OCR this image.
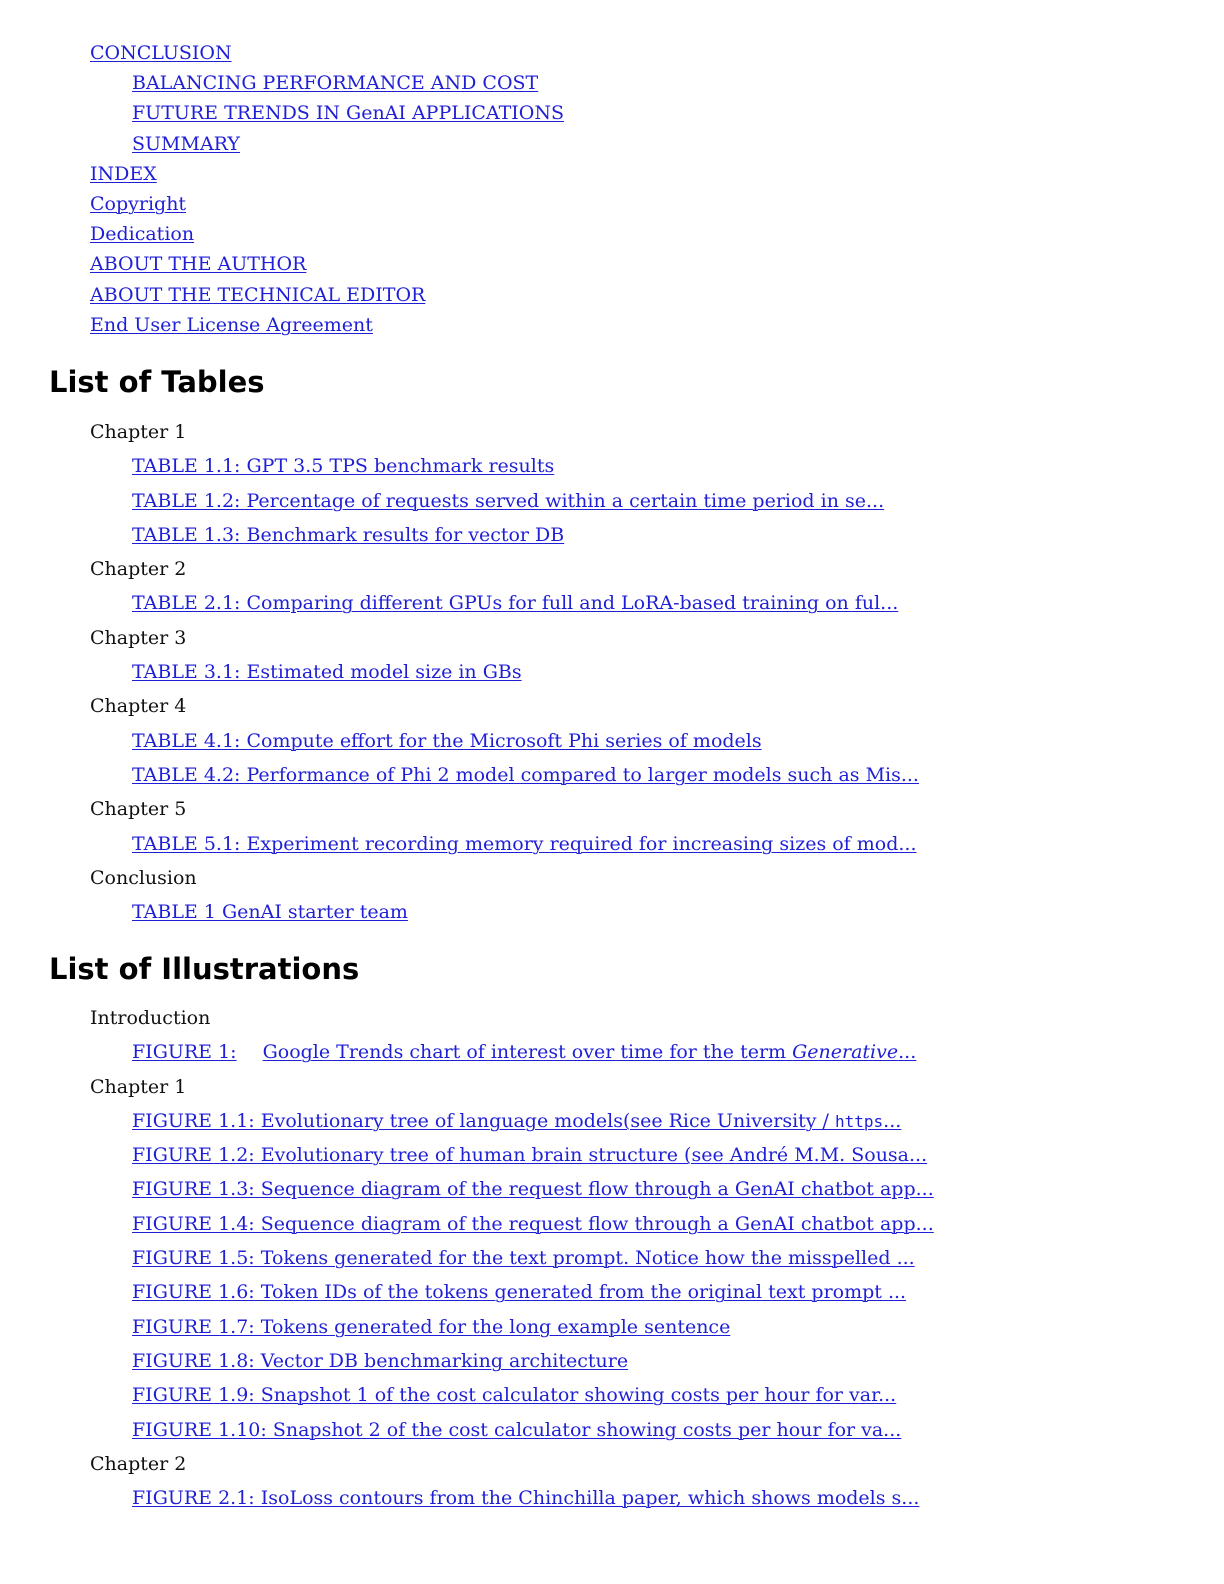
CONCLUSION
BALANCING PERFORMANCE AND COST
FUTURE TRENDS IN GenAI APPLICATIONS
SUMMARY
INDEX
Copyright
Dedication
ABOUT THE AUTHOR
ABOUT THE TECHNICAL EDITOR
End User License Agreement
List of Tables
Chapter 1
TABLE 1.1: GPT 3.5 TPS benchmark results
TABLE 1.2: Percentage of requests served within a certain time period in se...
TABLE 1.3: Benchmark results for vector DB
Chapter 2
TABLE 2.1: Comparing different GPUs for full and LoRA-based training on ful...
Chapter 3
TABLE 3.1: Estimated model size in GBs
Chapter 4
TABLE 4.1: Compute effort for the Microsoft Phi series of models
TABLE 4.2: Performance of Phi 2 model compared to larger models such as Mis...
Chapter 5
TABLE 5.1: Experiment recording memory required for increasing sizes of mod...
Conclusion
TABLE 1 GenAI starter team
List of Illustrations
Introduction
FIGURE 1: Google Trends chart of interest over time for the term Generative...
Chapter 1
FIGURE 1.1: Evolutionary tree of language models(see Rice University / https...
FIGURE 1.2: Evolutionary tree of human brain structure (see André M.M. Sousa...
FIGURE 1.3: Sequence diagram of the request flow through a GenAI chatbot app...
FIGURE 1.4: Sequence diagram of the request flow through a GenAI chatbot app...
FIGURE 1.5: Tokens generated for the text prompt. Notice how the misspelled ...
FIGURE 1.6: Token IDs of the tokens generated from the original text prompt ...
FIGURE 1.7: Tokens generated for the long example sentence
FIGURE 1.8: Vector DB benchmarking architecture
FIGURE 1.9: Snapshot 1 of the cost calculator showing costs per hour for var...
FIGURE 1.10: Snapshot 2 of the cost calculator showing costs per hour for va...
Chapter 2
FIGURE 2.1: IsoLoss contours from the Chinchilla paper, which shows models s...
